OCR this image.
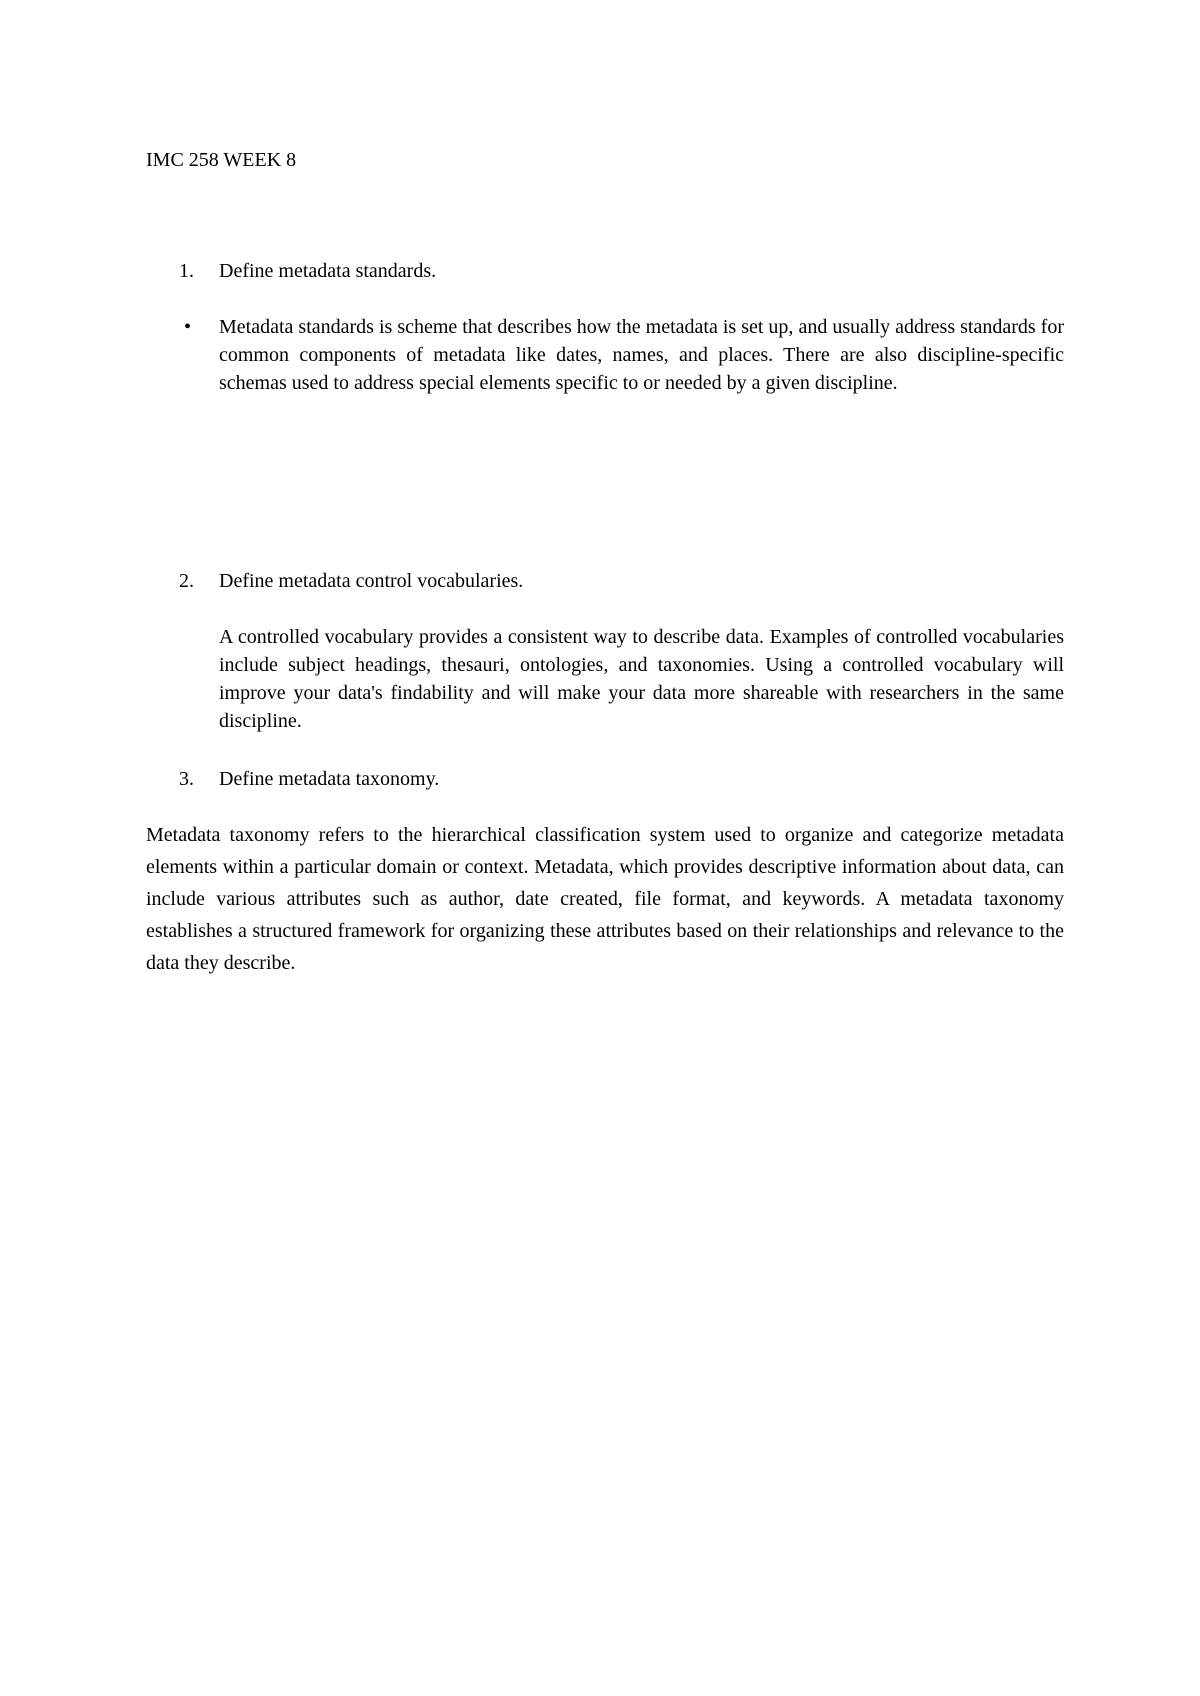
IMC 258 WEEK 8
1. Define metadata standards.
• Metadata standards is scheme that describes how the metadata is set up, and usually address standards for common components of metadata like dates, names, and places. There are also discipline-specific schemas used to address special elements specific to or needed by a given discipline.

2. Define metadata control vocabularies.

A controlled vocabulary provides a consistent way to describe data. Examples of controlled vocabularies include subject headings, thesauri, ontologies, and taxonomies. Using a controlled vocabulary will improve your data's findability and will make your data more shareable with researchers in the same discipline.

3. Define metadata taxonomy.

Metadata taxonomy refers to the hierarchical classification system used to organize and categorize metadata elements within a particular domain or context. Metadata, which provides descriptive information about data, can include various attributes such as author, date created, file format, and keywords. A metadata taxonomy establishes a structured framework for organizing these attributes based on their relationships and relevance to the data they describe.
